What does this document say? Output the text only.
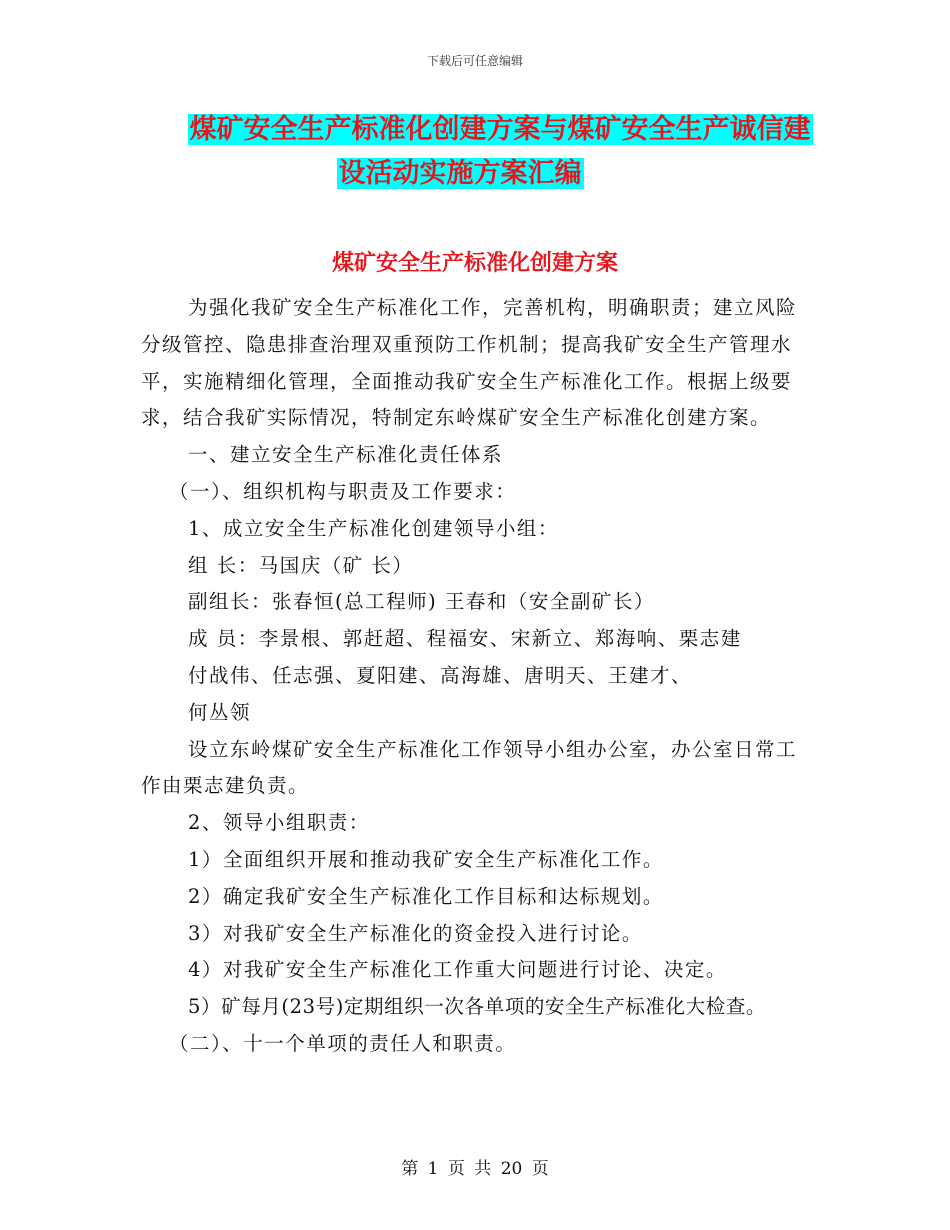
下载后可任意编辑
煤矿安全生产标准化创建方案与煤矿安全生产诚信建
设活动实施方案汇编
煤矿安全生产标准化创建方案

为强化我矿安全生产标准化工作，完善机构，明确职责；建立风险分级管控、隐患排查治理双重预防工作机制；提高我矿安全生产管理水平，实施精细化管理，全面推动我矿安全生产标准化工作。根据上级要求，结合我矿实际情况，特制定东岭煤矿安全生产标准化创建方案。

一、建立安全生产标准化责任体系

（一）、组织机构与职责及工作要求：

1、成立安全生产标准化创建领导小组：

组 长：马国庆（矿 长）

副组长：张春恒(总工程师) 王春和（安全副矿长）

成 员：李景根、郭赶超、程福安、宋新立、郑海响、栗志建

付战伟、任志强、夏阳建、高海雄、唐明天、王建才、

何丛领

设立东岭煤矿安全生产标准化工作领导小组办公室，办公室日常工作由栗志建负责。

2、领导小组职责：

1）全面组织开展和推动我矿安全生产标准化工作。

2）确定我矿安全生产标准化工作目标和达标规划。

3）对我矿安全生产标准化的资金投入进行讨论。

4）对我矿安全生产标准化工作重大问题进行讨论、决定。

5）矿每月(23号)定期组织一次各单项的安全生产标准化大检查。

（二）、十一个单项的责任人和职责。

第 1 页 共 20 页
